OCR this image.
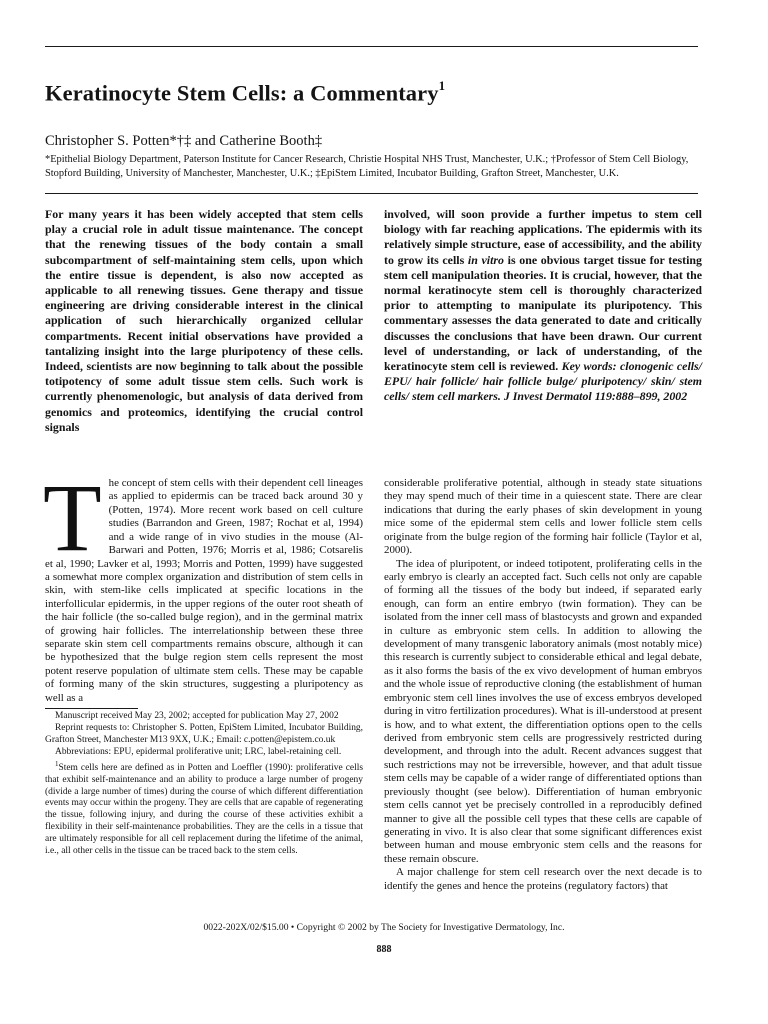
Keratinocyte Stem Cells: a Commentary$^1$
Christopher S. Potten*†‡ and Catherine Booth‡
*Epithelial Biology Department, Paterson Institute for Cancer Research, Christie Hospital NHS Trust, Manchester, U.K.; †Professor of Stem Cell Biology, Stopford Building, University of Manchester, Manchester, U.K.; ‡EpiStem Limited, Incubator Building, Grafton Street, Manchester, U.K.

For many years it has been widely accepted that stem cells play a crucial role in adult tissue maintenance. The concept that the renewing tissues of the body contain a small subcompartment of self-maintaining stem cells, upon which the entire tissue is dependent, is also now accepted as applicable to all renewing tissues. Gene therapy and tissue engineering are driving considerable interest in the clinical application of such hierarchically organized cellular compartments. Recent initial observations have provided a tantalizing insight into the large pluripotency of these cells. Indeed, scientists are now beginning to talk about the possible totipotency of some adult tissue stem cells. Such work is currently phenomenologic, but analysis of data derived from genomics and proteomics, identifying the crucial control signals

involved, will soon provide a further impetus to stem cell biology with far reaching applications. The epidermis with its relatively simple structure, ease of accessibility, and the ability to grow its cells in vitro is one obvious target tissue for testing stem cell manipulation theories. It is crucial, however, that the normal keratinocyte stem cell is thoroughly characterized prior to attempting to manipulate its pluripotency. This commentary assesses the data generated to date and critically discusses the conclusions that have been drawn. Our current level of understanding, or lack of understanding, of the keratinocyte stem cell is reviewed. Key words: clonogenic cells/ EPU/ hair follicle/ hair follicle bulge/ pluripotency/ skin/ stem cells/ stem cell markers. J Invest Dermatol 119:888–899, 2002

The concept of stem cells with their dependent cell lineages as applied to epidermis can be traced back around 30 y (Potten, 1974). More recent work based on cell culture studies (Barrandon and Green, 1987; Rochat et al, 1994) and a wide range of in vivo studies in the mouse (Al-Barwari and Potten, 1976; Morris et al, 1986; Cotsarelis et al, 1990; Lavker et al, 1993; Morris and Potten, 1999) have suggested a somewhat more complex organization and distribution of stem cells in skin, with stem-like cells implicated at specific locations in the interfollicular epidermis, in the upper regions of the outer root sheath of the hair follicle (the so-called bulge region), and in the germinal matrix of growing hair follicles. The interrelationship between these three separate skin stem cell compartments remains obscure, although it can be hypothesized that the bulge region stem cells represent the most potent reserve population of ultimate stem cells. These may be capable of forming many of the skin structures, suggesting a pluripotency as well as a

Manuscript received May 23, 2002; accepted for publication May 27, 2002

Reprint requests to: Christopher S. Potten, EpiStem Limited, Incubator Building, Grafton Street, Manchester M13 9XX, U.K.; Email: c.potten@epistem.co.uk

Abbreviations: EPU, epidermal proliferative unit; LRC, label-retaining cell.

$^1$Stem cells here are defined as in Potten and Loeffler (1990): proliferative cells that exhibit self-maintenance and an ability to produce a large number of progeny (divide a large number of times) during the course of which different differentiation events may occur within the progeny. They are cells that are capable of regenerating the tissue, following injury, and during the course of these activities exhibit a flexibility in their self-maintenance probabilities. They are the cells in a tissue that are ultimately responsible for all cell replacement during the lifetime of the animal, i.e., all other cells in the tissue can be traced back to the stem cells.

considerable proliferative potential, although in steady state situations they may spend much of their time in a quiescent state. There are clear indications that during the early phases of skin development in young mice some of the epidermal stem cells and lower follicle stem cells originate from the bulge region of the forming hair follicle (Taylor et al, 2000).

The idea of pluripotent, or indeed totipotent, proliferating cells in the early embryo is clearly an accepted fact. Such cells not only are capable of forming all the tissues of the body but indeed, if separated early enough, can form an entire embryo (twin formation). They can be isolated from the inner cell mass of blastocysts and grown and expanded in culture as embryonic stem cells. In addition to allowing the development of many transgenic laboratory animals (most notably mice) this research is currently subject to considerable ethical and legal debate, as it also forms the basis of the ex vivo development of human embryos and the whole issue of reproductive cloning (the establishment of human embryonic stem cell lines involves the use of excess embryos developed during in vitro fertilization procedures). What is ill-understood at present is how, and to what extent, the differentiation options open to the cells derived from embryonic stem cells are progressively restricted during development, and through into the adult. Recent advances suggest that such restrictions may not be irreversible, however, and that adult tissue stem cells may be capable of a wider range of differentiated options than previously thought (see below). Differentiation of human embryonic stem cells cannot yet be precisely controlled in a reproducibly defined manner to give all the possible cell types that these cells are capable of generating in vivo. It is also clear that some significant differences exist between human and mouse embryonic stem cells and the reasons for these remain obscure.

A major challenge for stem cell research over the next decade is to identify the genes and hence the proteins (regulatory factors) that

0022-202X/02/$15.00 • Copyright © 2002 by The Society for Investigative Dermatology, Inc.
888
